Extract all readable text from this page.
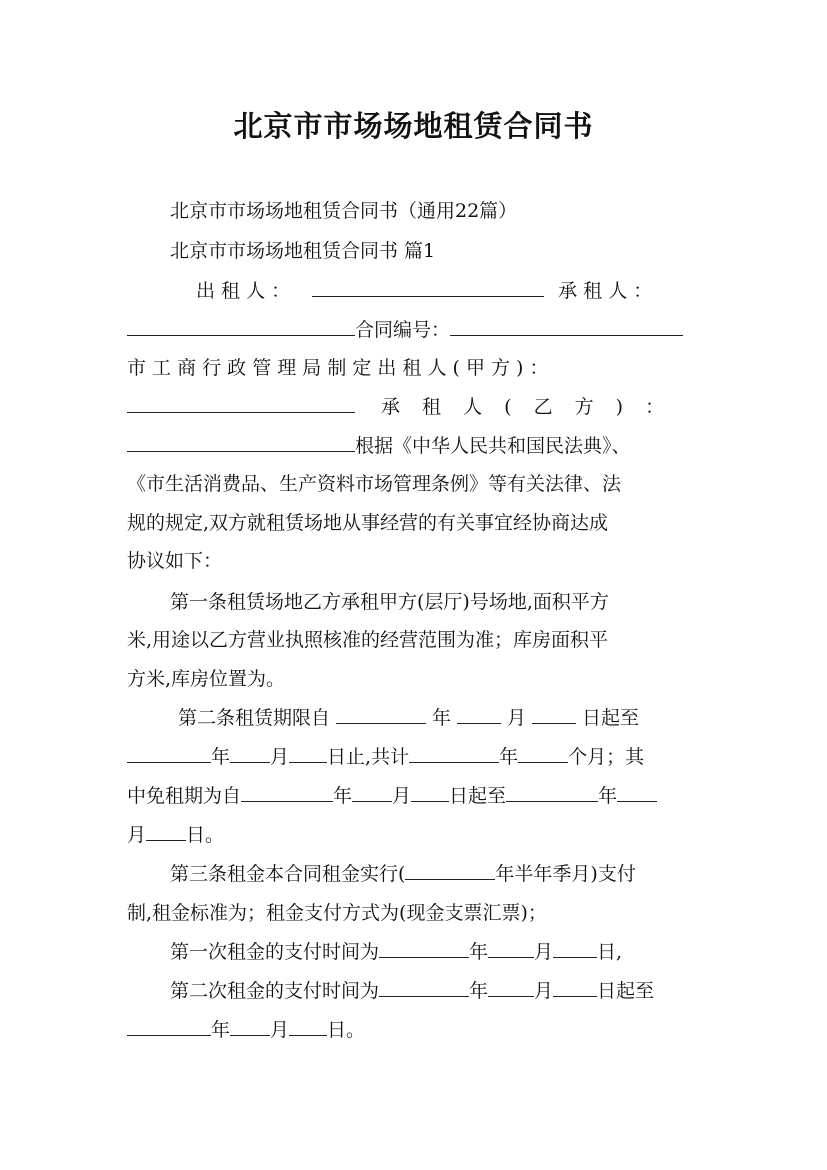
北京市市场场地租赁合同书
北京市市场场地租赁合同书（通用22篇）
北京市市场场地租赁合同书 篇1
出 租 人 ：	承 租 人 ：
合同编号：
市 工 商 行 政 管 理 局 制 定 出 租 人 ( 甲 方 ) ：
承 租 人 ( 乙 方 ) ：
根据《中华人民共和国民法典》、
《市生活消费品、生产资料市场管理条例》等有关法律、法
规的规定,双方就租赁场地从事经营的有关事宜经协商达成
协议如下：
第一条租赁场地乙方承租甲方(层厅)号场地,面积平方
米,用途以乙方营业执照核准的经营范围为准；库房面积平
方米,库房位置为。
第二条租赁期限自	年	月	日起至
年 月 日止,共计	年	个月；其
中免租期为自	年 月 日起至	年
月 日。
第三条租金本合同租金实行(	年半年季月)支付
制,租金标准为；租金支付方式为(现金支票汇票)；
第一次租金的支付时间为	年 月 日,
第二次租金的支付时间为	年 月 日起至
年 月 日。
